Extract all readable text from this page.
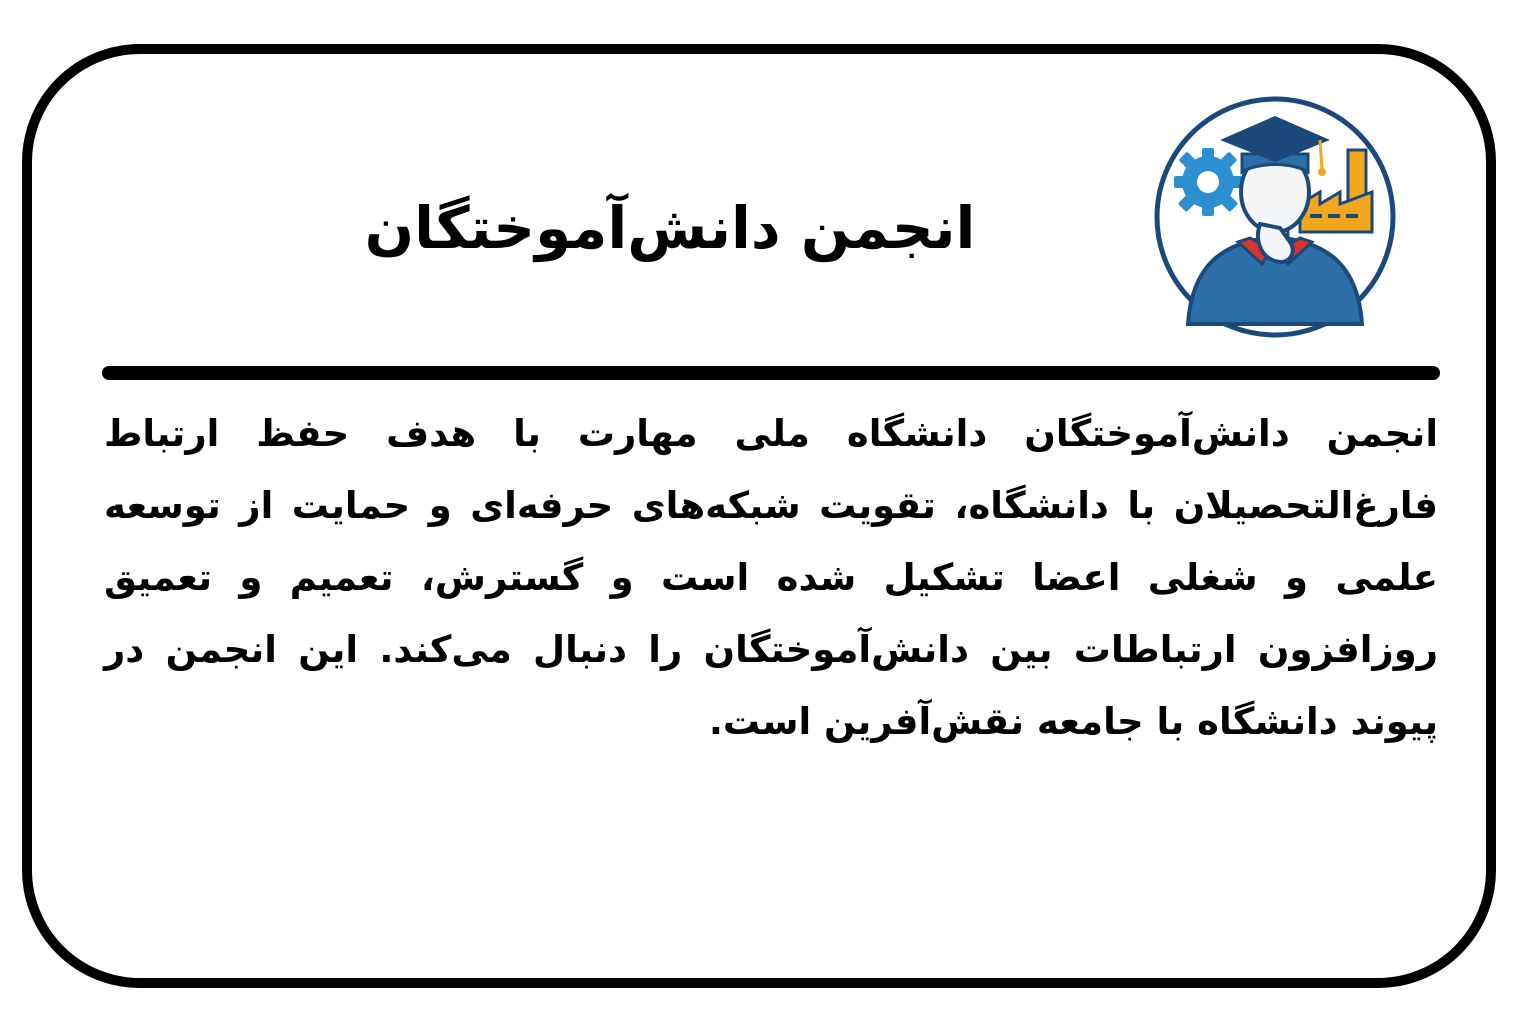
انجمن دانش‌آموختگان

انجمن دانش‌آموختگان دانشگاه ملی مهارت با هدف حفظ ارتباط فارغ‌التحصیلان با دانشگاه، تقویت شبکه‌های حرفه‌ای و حمایت از توسعه علمی و شغلی اعضا تشکیل شده است و گسترش، تعمیم و تعمیق روزافزون ارتباطات بین دانش‌آموختگان را دنبال می‌کند. این انجمن در پیوند دانشگاه با جامعه نقش‌آفرین است.
